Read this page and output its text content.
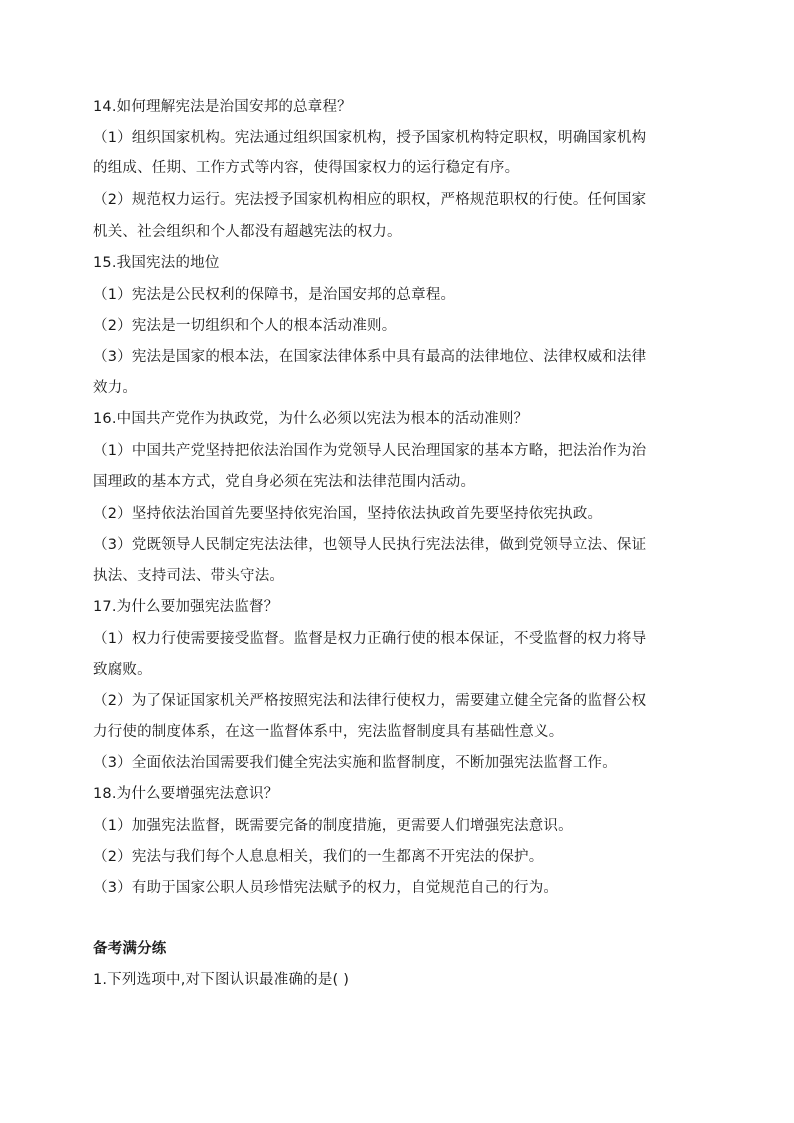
14.如何理解宪法是治国安邦的总章程？
（1）组织国家机构。宪法通过组织国家机构，授予国家机构特定职权，明确国家机构
的组成、任期、工作方式等内容，使得国家权力的运行稳定有序。
（2）规范权力运行。宪法授予国家机构相应的职权，严格规范职权的行使。任何国家
机关、社会组织和个人都没有超越宪法的权力。
15.我国宪法的地位
（1）宪法是公民权利的保障书，是治国安邦的总章程。
（2）宪法是一切组织和个人的根本活动准则。
（3）宪法是国家的根本法，在国家法律体系中具有最高的法律地位、法律权威和法律
效力。
16.中国共产党作为执政党，为什么必须以宪法为根本的活动准则？
（1）中国共产党坚持把依法治国作为党领导人民治理国家的基本方略，把法治作为治
国理政的基本方式，党自身必须在宪法和法律范围内活动。
（2）坚持依法治国首先要坚持依宪治国，坚持依法执政首先要坚持依宪执政。
（3）党既领导人民制定宪法法律，也领导人民执行宪法法律，做到党领导立法、保证
执法、支持司法、带头守法。
17.为什么要加强宪法监督？
（1）权力行使需要接受监督。监督是权力正确行使的根本保证，不受监督的权力将导
致腐败。
（2）为了保证国家机关严格按照宪法和法律行使权力，需要建立健全完备的监督公权
力行使的制度体系，在这一监督体系中，宪法监督制度具有基础性意义。
（3）全面依法治国需要我们健全宪法实施和监督制度，不断加强宪法监督工作。
18.为什么要增强宪法意识？
（1）加强宪法监督，既需要完备的制度措施，更需要人们增强宪法意识。
（2）宪法与我们每个人息息相关，我们的一生都离不开宪法的保护。
（3）有助于国家公职人员珍惜宪法赋予的权力，自觉规范自己的行为。
备考满分练
1.下列选项中,对下图认识最准确的是( )
